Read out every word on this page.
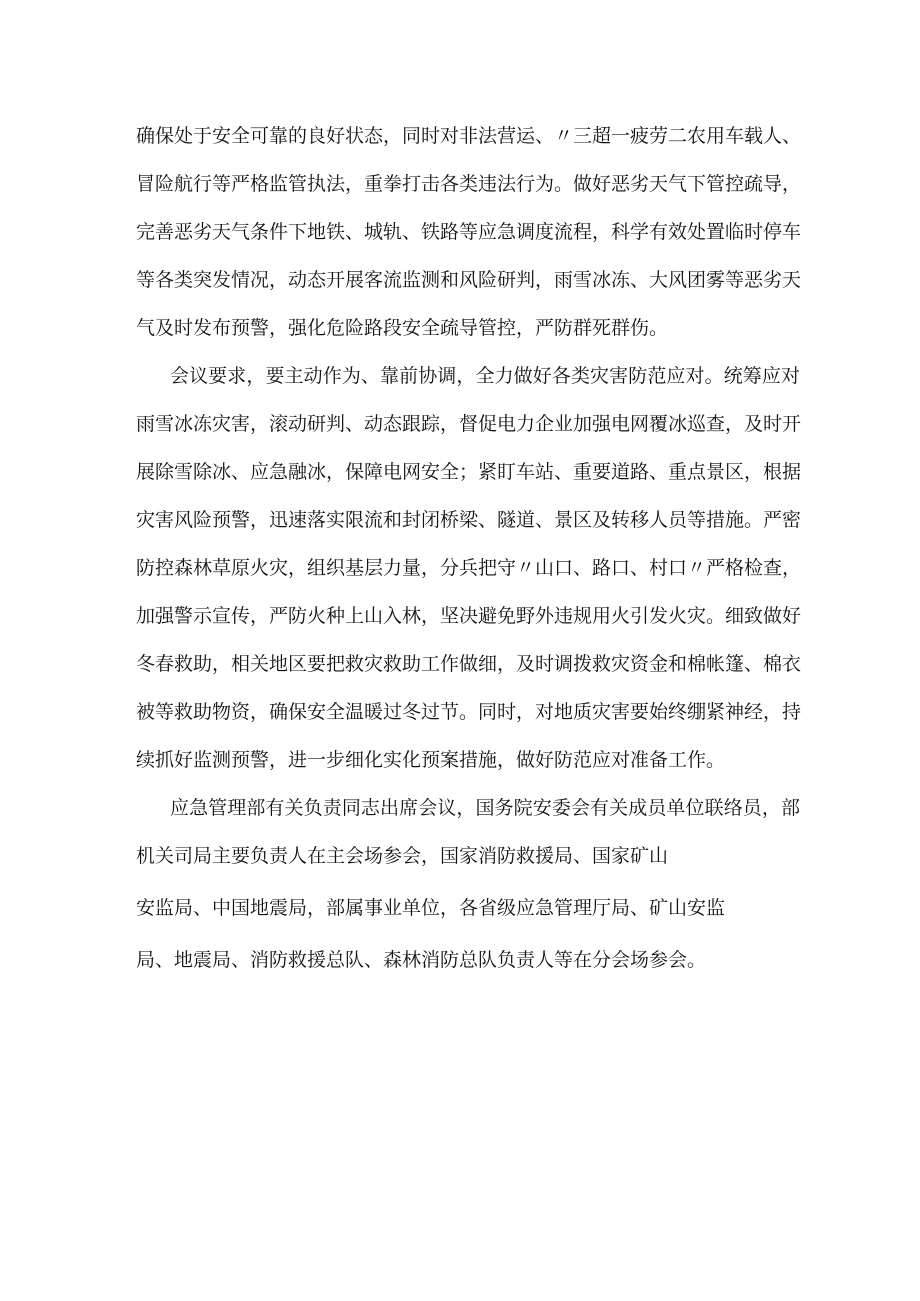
确保处于安全可靠的良好状态，同时对非法营运、〃三超一疲劳二农用车载人、
冒险航行等严格监管执法，重拳打击各类违法行为。做好恶劣天气下管控疏导，
完善恶劣天气条件下地铁、城轨、铁路等应急调度流程，科学有效处置临时停车
等各类突发情况，动态开展客流监测和风险研判，雨雪冰冻、大风团雾等恶劣天
气及时发布预警，强化危险路段安全疏导管控，严防群死群伤。
会议要求，要主动作为、靠前协调，全力做好各类灾害防范应对。统筹应对
雨雪冰冻灾害，滚动研判、动态跟踪，督促电力企业加强电网覆冰巡查，及时开
展除雪除冰、应急融冰，保障电网安全；紧盯车站、重要道路、重点景区，根据
灾害风险预警，迅速落实限流和封闭桥梁、隧道、景区及转移人员等措施。严密
防控森林草原火灾，组织基层力量，分兵把守〃山口、路口、村口〃严格检查，
加强警示宣传，严防火种上山入林，坚决避免野外违规用火引发火灾。细致做好
冬春救助，相关地区要把救灾救助工作做细，及时调拨救灾资金和棉帐篷、棉衣
被等救助物资，确保安全温暖过冬过节。同时，对地质灾害要始终绷紧神经，持
续抓好监测预警，进一步细化实化预案措施，做好防范应对准备工作。
应急管理部有关负责同志出席会议，国务院安委会有关成员单位联络员，部
机关司局主要负责人在主会场参会，国家消防救援局、国家矿山
安监局、中国地震局，部属事业单位，各省级应急管理厅局、矿山安监
局、地震局、消防救援总队、森林消防总队负责人等在分会场参会。
